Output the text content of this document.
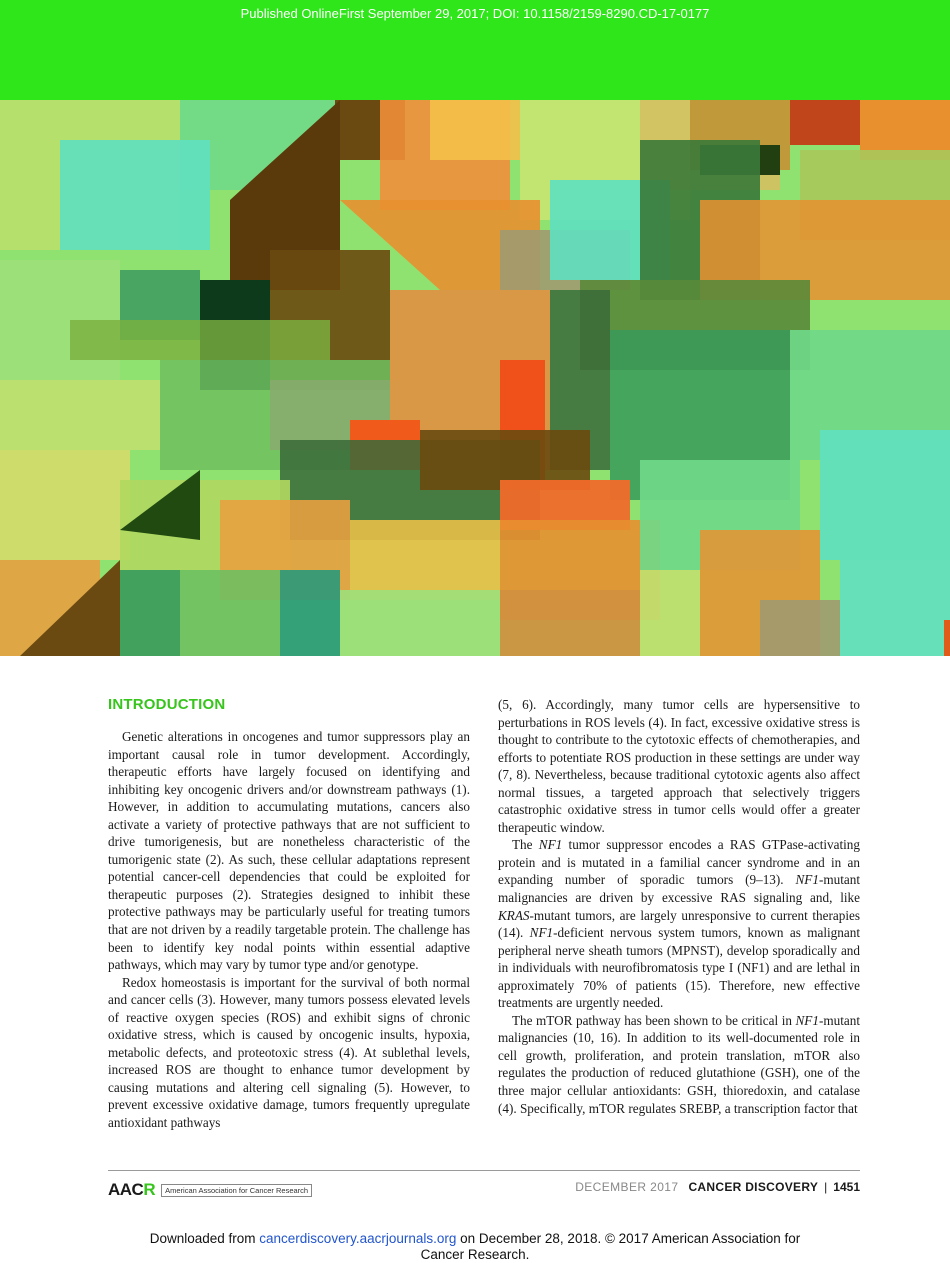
Published OnlineFirst September 29, 2017; DOI: 10.1158/2159-8290.CD-17-0177
INTRODUCTION

Genetic alterations in oncogenes and tumor suppressors play an important causal role in tumor development. Accordingly, therapeutic efforts have largely focused on identifying and inhibiting key oncogenic drivers and/or downstream pathways (1). However, in addition to accumulating mutations, cancers also activate a variety of protective pathways that are not sufficient to drive tumorigenesis, but are nonetheless characteristic of the tumorigenic state (2). As such, these cellular adaptations represent potential cancer-cell dependencies that could be exploited for therapeutic purposes (2). Strategies designed to inhibit these protective pathways may be particularly useful for treating tumors that are not driven by a readily targetable protein. The challenge has been to identify key nodal points within essential adaptive pathways, which may vary by tumor type and/or genotype.

Redox homeostasis is important for the survival of both normal and cancer cells (3). However, many tumors possess elevated levels of reactive oxygen species (ROS) and exhibit signs of chronic oxidative stress, which is caused by oncogenic insults, hypoxia, metabolic defects, and proteotoxic stress (4). At sublethal levels, increased ROS are thought to enhance tumor development by causing mutations and altering cell signaling (5). However, to prevent excessive oxidative damage, tumors frequently upregulate antioxidant pathways

(5, 6). Accordingly, many tumor cells are hypersensitive to perturbations in ROS levels (4). In fact, excessive oxidative stress is thought to contribute to the cytotoxic effects of chemotherapies, and efforts to potentiate ROS production in these settings are under way (7, 8). Nevertheless, because traditional cytotoxic agents also affect normal tissues, a targeted approach that selectively triggers catastrophic oxidative stress in tumor cells would offer a greater therapeutic window.

The NF1 tumor suppressor encodes a RAS GTPase-activating protein and is mutated in a familial cancer syndrome and in an expanding number of sporadic tumors (9–13). NF1-mutant malignancies are driven by excessive RAS signaling and, like KRAS-mutant tumors, are largely unresponsive to current therapies (14). NF1-deficient nervous system tumors, known as malignant peripheral nerve sheath tumors (MPNST), develop sporadically and in individuals with neurofibromatosis type I (NF1) and are lethal in approximately 70% of patients (15). Therefore, new effective treatments are urgently needed.

The mTOR pathway has been shown to be critical in NF1-mutant malignancies (10, 16). In addition to its well-documented role in cell growth, proliferation, and protein translation, mTOR also regulates the production of reduced glutathione (GSH), one of the three major cellular antioxidants: GSH, thioredoxin, and catalase (4). Specifically, mTOR regulates SREBP, a transcription factor that

AACR	American Association for Cancer Research	DECEMBER 2017 CANCER DISCOVERY | 1451
Downloaded from cancerdiscovery.aacrjournals.org on December 28, 2018. © 2017 American Association for
Cancer Research.
